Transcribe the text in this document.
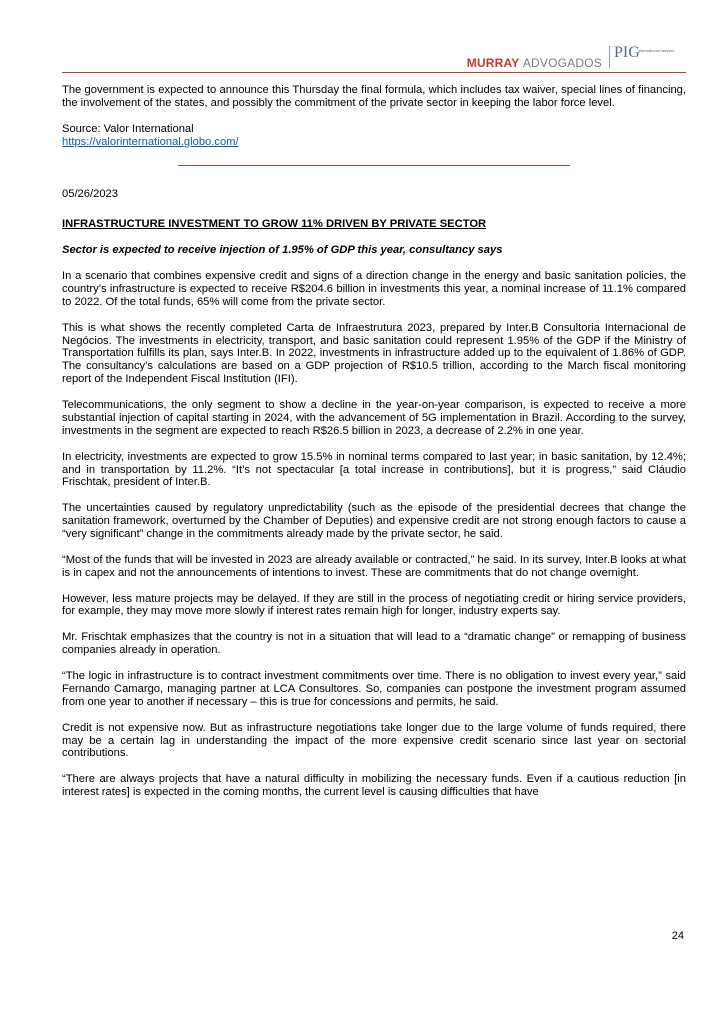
MURRAY ADVOGADOS
PIG
international lawyers

The government is expected to announce this Thursday the final formula, which includes tax waiver, special lines of financing, the involvement of the states, and possibly the commitment of the private sector in keeping the labor force level.

Source: Valor International
https://valorinternational.globo.com/

05/26/2023

INFRASTRUCTURE INVESTMENT TO GROW 11% DRIVEN BY PRIVATE SECTOR

Sector is expected to receive injection of 1.95% of GDP this year, consultancy says

In a scenario that combines expensive credit and signs of a direction change in the energy and basic sanitation policies, the country’s infrastructure is expected to receive R$204.6 billion in investments this year, a nominal increase of 11.1% compared to 2022. Of the total funds, 65% will come from the private sector.

This is what shows the recently completed Carta de Infraestrutura 2023, prepared by Inter.B Consultoria Internacional de Negócios. The investments in electricity, transport, and basic sanitation could represent 1.95% of the GDP if the Ministry of Transportation fulfills its plan, says Inter.B. In 2022, investments in infrastructure added up to the equivalent of 1.86% of GDP. The consultancy’s calculations are based on a GDP projection of R$10.5 trillion, according to the March fiscal monitoring report of the Independent Fiscal Institution (IFI).

Telecommunications, the only segment to show a decline in the year-on-year comparison, is expected to receive a more substantial injection of capital starting in 2024, with the advancement of 5G implementation in Brazil. According to the survey, investments in the segment are expected to reach R$26.5 billion in 2023, a decrease of 2.2% in one year.

In electricity, investments are expected to grow 15.5% in nominal terms compared to last year; in basic sanitation, by 12.4%; and in transportation by 11.2%. “It’s not spectacular [a total increase in contributions], but it is progress,” said Cláudio Frischtak, president of Inter.B.

The uncertainties caused by regulatory unpredictability (such as the episode of the presidential decrees that change the sanitation framework, overturned by the Chamber of Deputies) and expensive credit are not strong enough factors to cause a “very significant” change in the commitments already made by the private sector, he said.

“Most of the funds that will be invested in 2023 are already available or contracted,” he said. In its survey, Inter.B looks at what is in capex and not the announcements of intentions to invest. These are commitments that do not change overnight.

However, less mature projects may be delayed. If they are still in the process of negotiating credit or hiring service providers, for example, they may move more slowly if interest rates remain high for longer, industry experts say.

Mr. Frischtak emphasizes that the country is not in a situation that will lead to a “dramatic change” or remapping of business companies already in operation.

“The logic in infrastructure is to contract investment commitments over time. There is no obligation to invest every year,” said Fernando Camargo, managing partner at LCA Consultores. So, companies can postpone the investment program assumed from one year to another if necessary – this is true for concessions and permits, he said.

Credit is not expensive now. But as infrastructure negotiations take longer due to the large volume of funds required, there may be a certain lag in understanding the impact of the more expensive credit scenario since last year on sectorial contributions.

“There are always projects that have a natural difficulty in mobilizing the necessary funds. Even if a cautious reduction [in interest rates] is expected in the coming months, the current level is causing difficulties that have

24
